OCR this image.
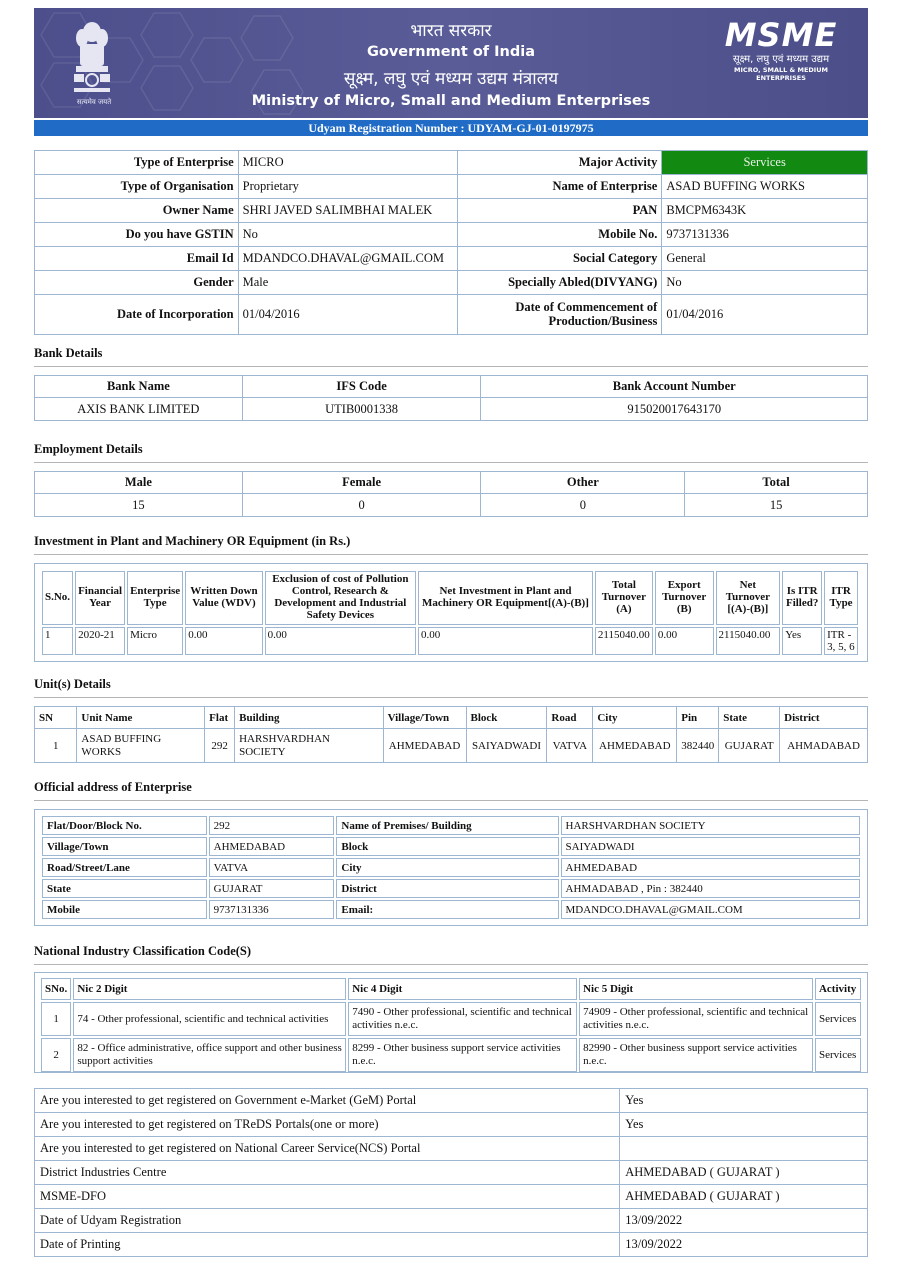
सत्यमेव जयते
भारत सरकार
Government of India
सूक्ष्म, लघु एवं मध्यम उद्यम मंत्रालय
Ministry of Micro, Small and Medium Enterprises
MSME
सूक्ष्म, लघु एवं मध्यम उद्यम
MICRO, SMALL & MEDIUM ENTERPRISES
Udyam Registration Number : UDYAM-GJ-01-0197975
Type of Enterprise	MICRO	Major Activity	Services
Type of Organisation	Proprietary	Name of Enterprise	ASAD BUFFING WORKS
Owner Name	SHRI JAVED SALIMBHAI MALEK	PAN	BMCPM6343K
Do you have GSTIN	No	Mobile No.	9737131336
Email Id	MDANDCO.DHAVAL@GMAIL.COM	Social Category	General
Gender	Male	Specially Abled(DIVYANG)	No
Date of Incorporation	01/04/2016	Date of Commencement of Production/Business	01/04/2016
Bank Details
Bank Name	IFS Code	Bank Account Number
AXIS BANK LIMITED	UTIB0001338	915020017643170
Employment Details
Male	Female	Other	Total
15	0	0	15
Investment in Plant and Machinery OR Equipment (in Rs.)
S.No.	Financial Year	Enterprise Type	Written Down Value (WDV)	Exclusion of cost of Pollution Control, Research & Development and Industrial Safety Devices	Net Investment in Plant and Machinery OR Equipment[(A)-(B)]	Total Turnover (A)	Export Turnover (B)	Net Turnover [(A)-(B)]	Is ITR Filled?	ITR Type
1	2020-21	Micro	0.00	0.00	0.00	2115040.00	0.00	2115040.00	Yes	ITR - 3, 5, 6
Unit(s) Details
SN	Unit Name	Flat	Building	Village/Town	Block	Road	City	Pin	State	District
1	ASAD BUFFING WORKS	292	HARSHVARDHAN SOCIETY	AHMEDABAD	SAIYADWADI	VATVA	AHMEDABAD	382440	GUJARAT	AHMADABAD
Official address of Enterprise
Flat/Door/Block No.	292	Name of Premises/ Building	HARSHVARDHAN SOCIETY
Village/Town	AHMEDABAD	Block	SAIYADWADI
Road/Street/Lane	VATVA	City	AHMEDABAD
State	GUJARAT	District	AHMADABAD , Pin : 382440
Mobile	9737131336	Email:	MDANDCO.DHAVAL@GMAIL.COM
National Industry Classification Code(S)
SNo.	Nic 2 Digit	Nic 4 Digit	Nic 5 Digit	Activity
1	74 - Other professional, scientific and technical activities	7490 - Other professional, scientific and technical activities n.e.c.	74909 - Other professional, scientific and technical activities n.e.c.	Services
2	82 - Office administrative, office support and other business support activities	8299 - Other business support service activities n.e.c.	82990 - Other business support service activities n.e.c.	Services
Are you interested to get registered on Government e-Market (GeM) Portal	Yes
Are you interested to get registered on TReDS Portals(one or more)	Yes
Are you interested to get registered on National Career Service(NCS) Portal	
District Industries Centre	AHMEDABAD ( GUJARAT )
MSME-DFO	AHMEDABAD ( GUJARAT )
Date of Udyam Registration	13/09/2022
Date of Printing	13/09/2022
